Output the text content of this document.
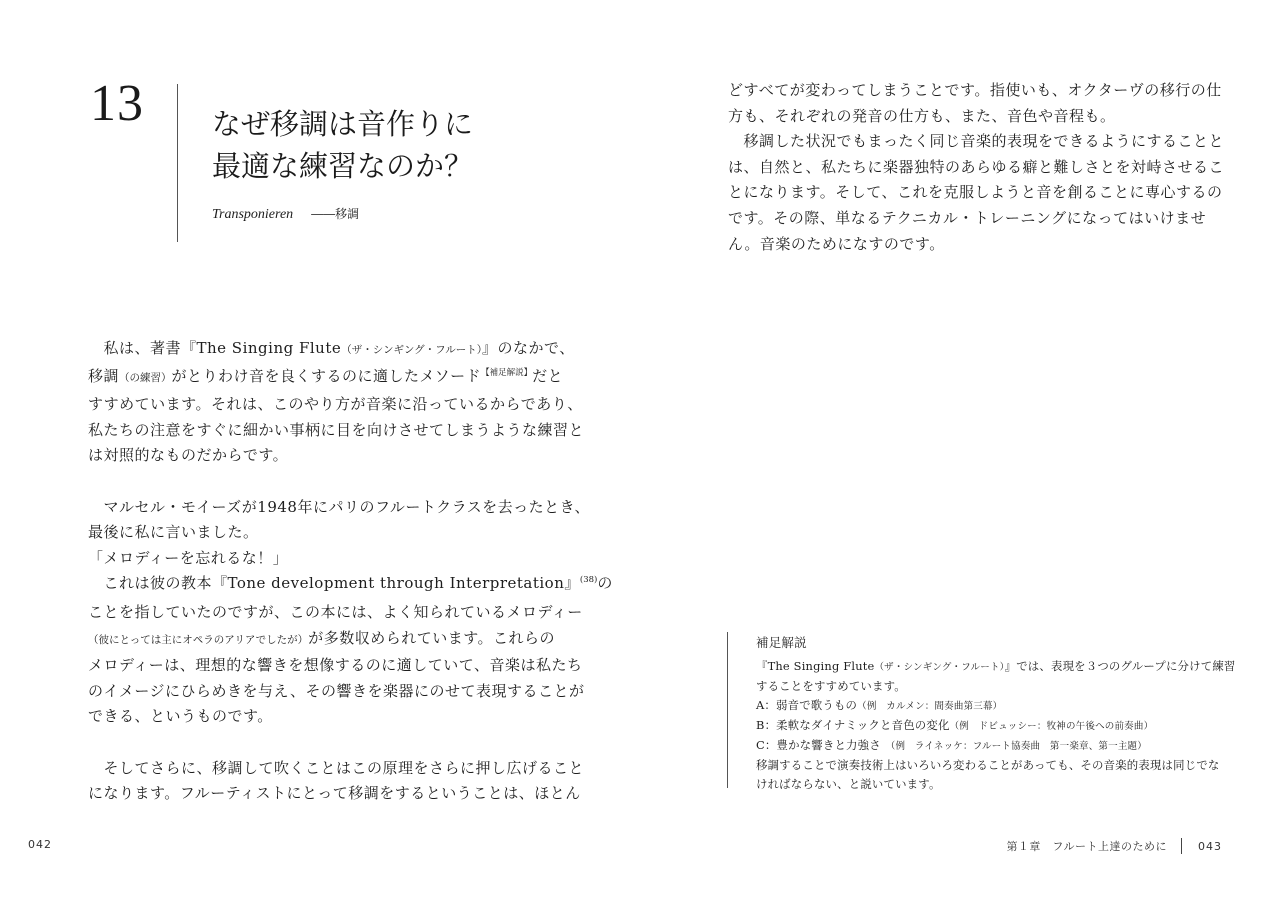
13 なぜ移調は音作りに
最適な練習なのか？
Transponieren ――移調

　私は、著書『The Singing Flute（ザ・シンギング・フルート）』のなかで、

移調（の練習）がとりわけ音を良くするのに適したメソード$^{【補足解説】}$だと

すすめています。それは、このやり方が音楽に沿っているからであり、

私たちの注意をすぐに細かい事柄に目を向けさせてしまうような練習と

は対照的なものだからです。

　マルセル・モイーズが1948年にパリのフルートクラスを去ったとき、

最後に私に言いました。

「メロディーを忘れるな！」

　これは彼の教本『Tone development through Interpretation』$^{(38)}$の

ことを指していたのですが、この本には、よく知られているメロディー

（彼にとっては主にオペラのアリアでしたが）が多数収められています。これらの

メロディーは、理想的な響きを想像するのに適していて、音楽は私たち

のイメージにひらめきを与え、その響きを楽器にのせて表現することが

できる、というものです。

　そしてさらに、移調して吹くことはこの原理をさらに押し広げること

になります。フルーティストにとって移調をするということは、ほとん

042

どすべてが変わってしまうことです。指使いも、オクターヴの移行の仕

方も、それぞれの発音の仕方も、また、音色や音程も。

　移調した状況でもまったく同じ音楽的表現をできるようにすることと

は、自然と、私たちに楽器独特のあらゆる癖と難しさとを対峙させるこ

とになります。そして、これを克服しようと音を創ることに専心するの

です。その際、単なるテクニカル・トレーニングになってはいけませ

ん。音楽のためになすのです。

補足解説

『The Singing Flute（ザ・シンギング・フルート）』では、表現を３つのグループに分けて練習

することをすすめています。

A：弱音で歌うもの（例　カルメン：間奏曲第三幕）

B：柔軟なダイナミックと音色の変化（例　ドビュッシー：牧神の午後への前奏曲）

C：豊かな響きと力強さ　（例　ライネッケ：フルート協奏曲　第一楽章、第一主題）

移調することで演奏技術上はいろいろ変わることがあっても、その音楽的表現は同じでな

ければならない、と説いています。

第１章　フルート上達のために	043
